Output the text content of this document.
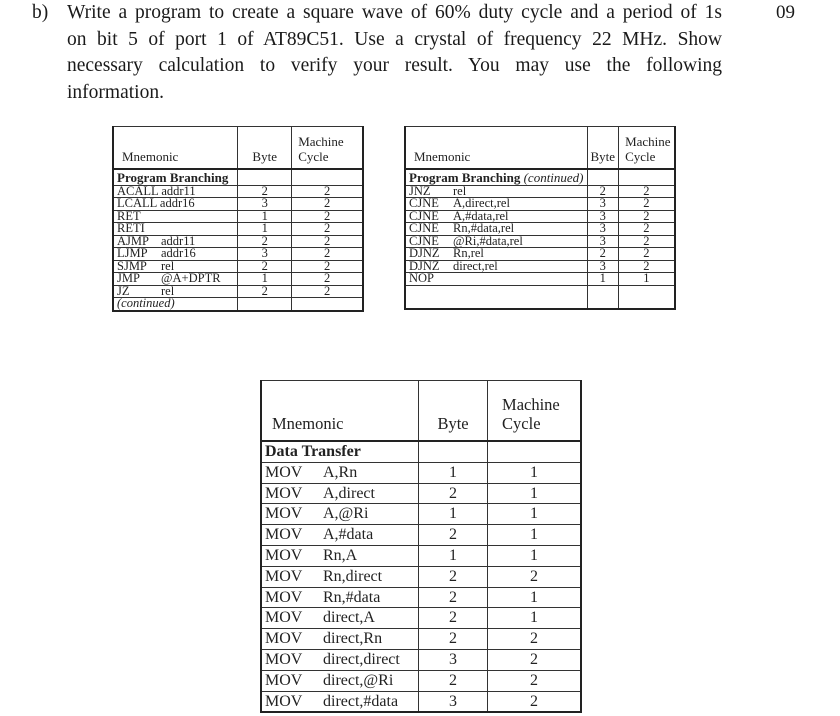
b) Write a program to create a square wave of 60% duty cycle and a period of 1s
on bit 5 of port 1 of AT89C51. Use a crystal of frequency 22 MHz. Show
necessary calculation to verify your result. You may use the following
information.
09
Mnemonic	Byte	Machine
Cycle

Program Branching		
ACALL addr11	2	2
LCALL addr16	3	2
RET	1	2
RETI	1	2
AJMP addr11	2	2
LJMP addr16	3	2
SJMP rel	2	2
JMP @A+DPTR	1	2
JZ rel	2	2
(continued)		
Mnemonic	Byte	Machine
Cycle

Program Branching (continued)		
JNZ rel	2	2
CJNE A,direct,rel	3	2
CJNE A,#data,rel	3	2
CJNE Rn,#data,rel	3	2
CJNE @Ri,#data,rel	3	2
DJNZ Rn,rel	2	2
DJNZ direct,rel	3	2
NOP	1	1

Mnemonic	Byte	Machine
Cycle

Data Transfer		
MOV A,Rn	1	1
MOV A,direct	2	1
MOV A,@Ri	1	1
MOV A,#data	2	1
MOV Rn,A	1	1
MOV Rn,direct	2	2
MOV Rn,#data	2	1
MOV direct,A	2	1
MOV direct,Rn	2	2
MOV direct,direct	3	2
MOV direct,@Ri	2	2
MOV direct,#data	3	2
